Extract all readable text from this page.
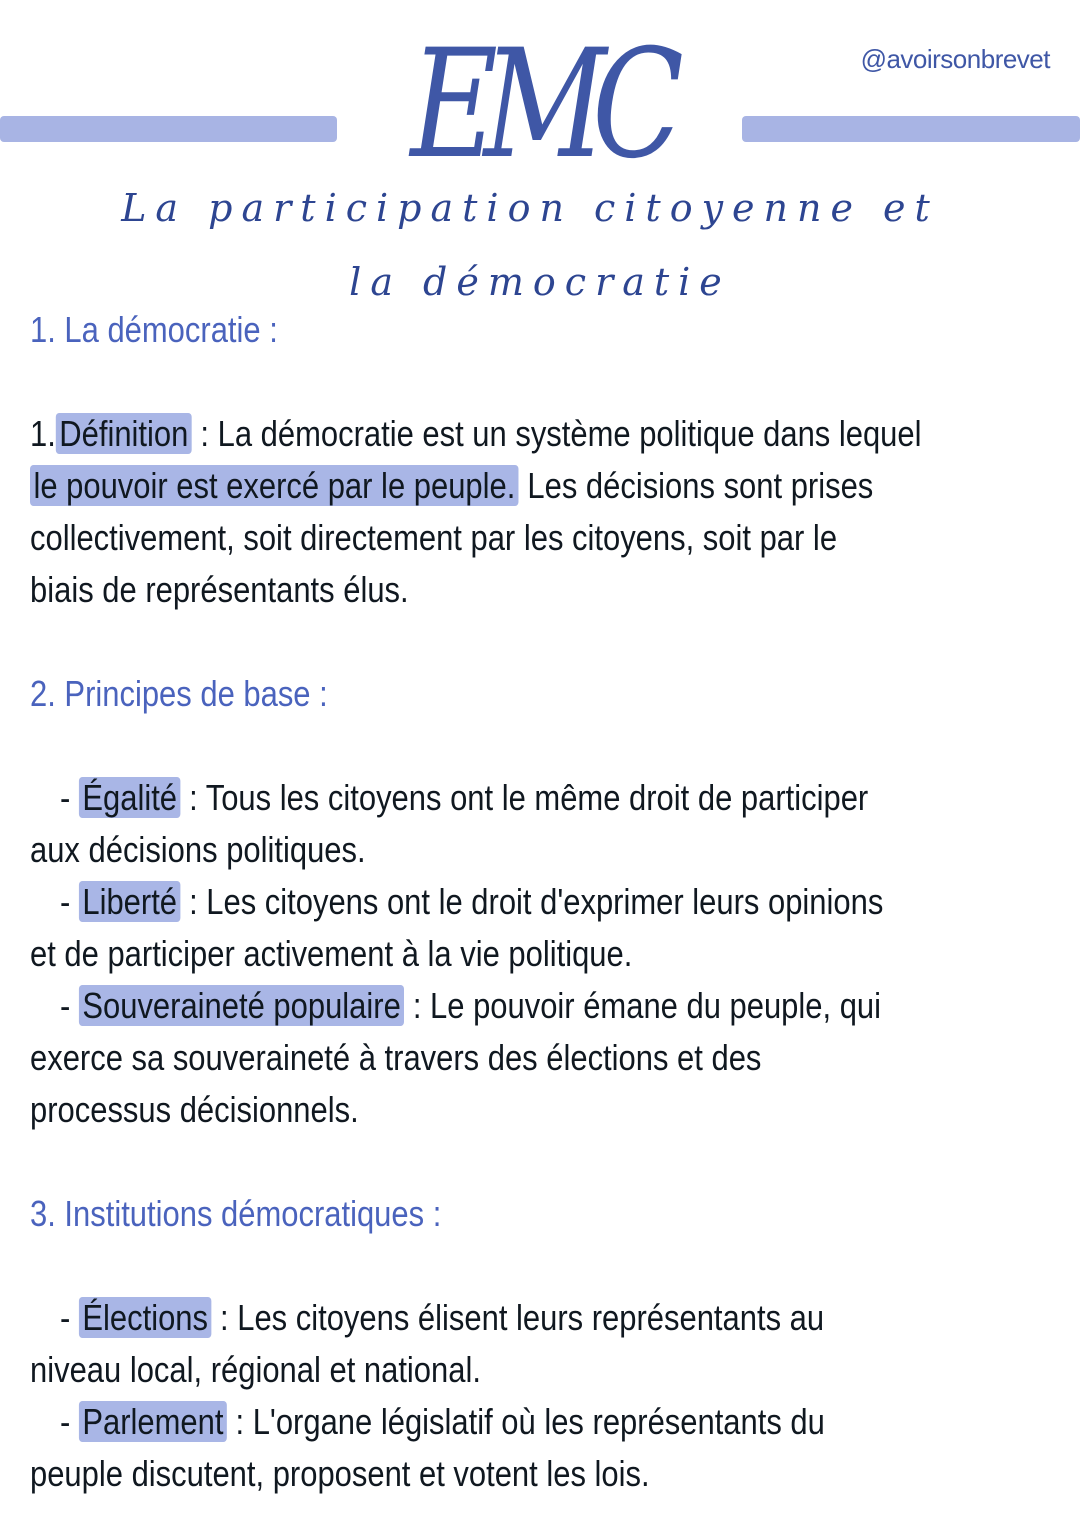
EMC	@avoirsonbrevet
La participation citoyenne et
la démocratie

1. La démocratie :

1.Définition : La démocratie est un système politique dans lequel

le pouvoir est exercé par le peuple. Les décisions sont prises

collectivement, soit directement par les citoyens, soit par le

biais de représentants élus.

2. Principes de base :

- Égalité : Tous les citoyens ont le même droit de participer

aux décisions politiques.

- Liberté : Les citoyens ont le droit d'exprimer leurs opinions

et de participer activement à la vie politique.

- Souveraineté populaire : Le pouvoir émane du peuple, qui

exerce sa souveraineté à travers des élections et des

processus décisionnels.

3. Institutions démocratiques :

- Élections : Les citoyens élisent leurs représentants au

niveau local, régional et national.

- Parlement : L'organe législatif où les représentants du

peuple discutent, proposent et votent les lois.
